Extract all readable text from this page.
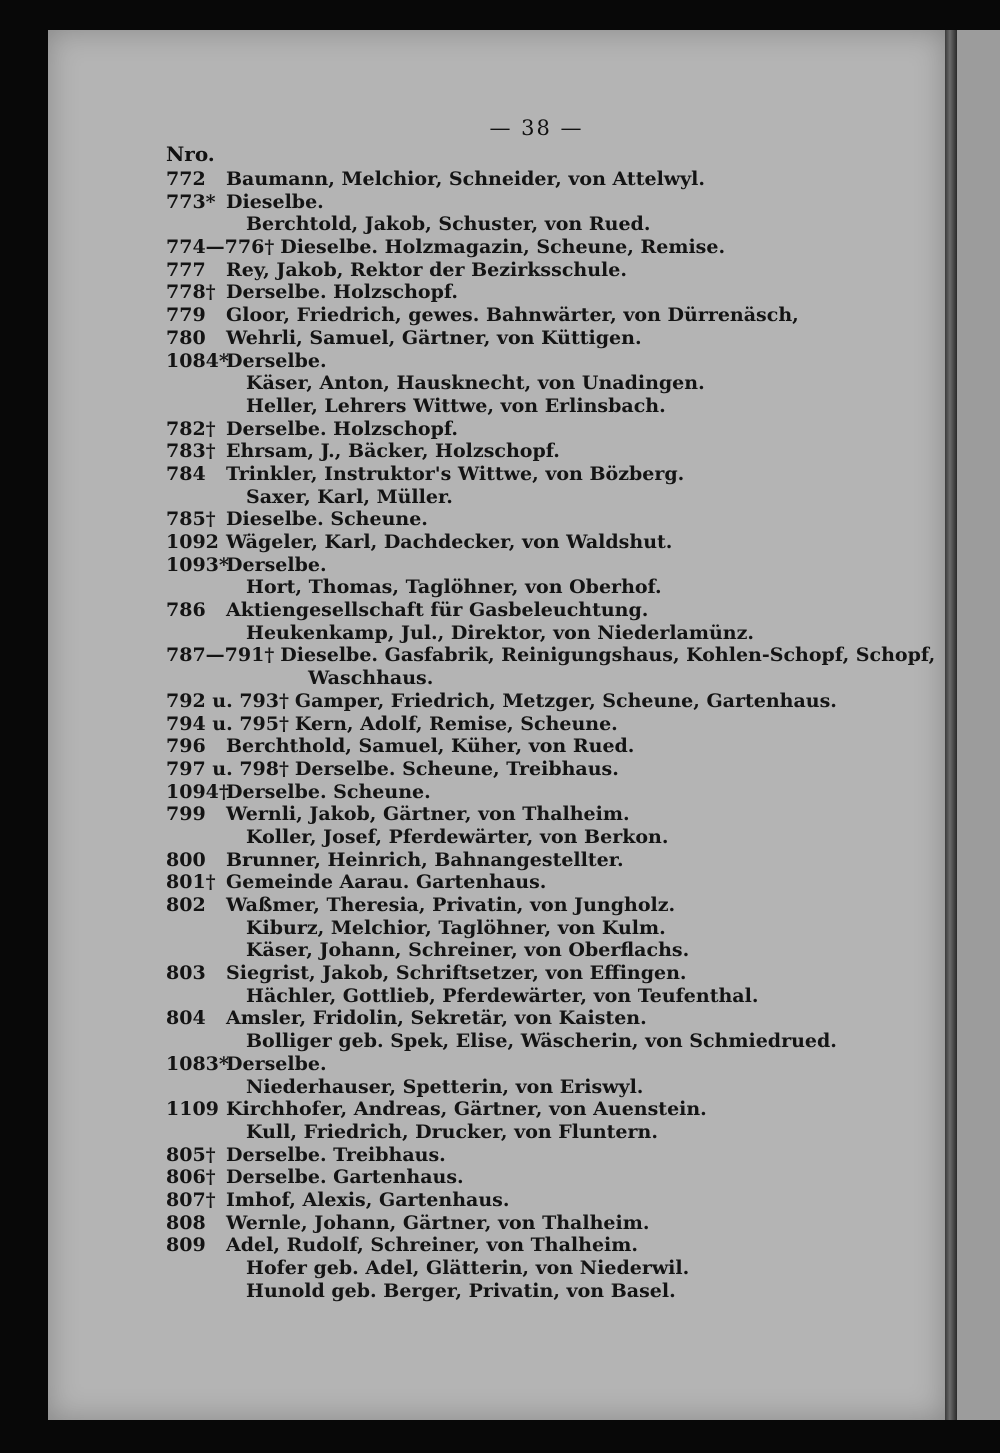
— 38 —
Nro.
772 Baumann, Melchior, Schneider, von Attelwyl.
773* Dieselbe.
Berchtold, Jakob, Schuster, von Rued.
774—776† Dieselbe. Holzmagazin, Scheune, Remise.
777 Rey, Jakob, Rektor der Bezirksschule.
778† Derselbe. Holzschopf.
779 Gloor, Friedrich, gewes. Bahnwärter, von Dürrenäsch,
780 Wehrli, Samuel, Gärtner, von Küttigen.
1084*
Derselbe.
Käser, Anton, Hausknecht, von Unadingen.
Heller, Lehrers Wittwe, von Erlinsbach.
782† Derselbe. Holzschopf.
783† Ehrsam, J., Bäcker, Holzschopf.
784 Trinkler, Instruktor's Wittwe, von Bözberg.
Saxer, Karl, Müller.
785† Dieselbe. Scheune.
1092 Wägeler, Karl, Dachdecker, von Waldshut.
1093*
Derselbe.
Hort, Thomas, Taglöhner, von Oberhof.
786 Aktiengesellschaft für Gasbeleuchtung.
Heukenkamp, Jul., Direktor, von Niederlamünz.
787—791† Dieselbe. Gasfabrik, Reinigungshaus, Kohlen-Schopf, Schopf,
Waschhaus.
792 u. 793† Gamper, Friedrich, Metzger, Scheune, Gartenhaus.
794 u. 795† Kern, Adolf, Remise, Scheune.
796 Berchthold, Samuel, Küher, von Rued.
797 u. 798† Derselbe. Scheune, Treibhaus.
1094†
Derselbe. Scheune.
799 Wernli, Jakob, Gärtner, von Thalheim.
Koller, Josef, Pferdewärter, von Berkon.
800 Brunner, Heinrich, Bahnangestellter.
801† Gemeinde Aarau. Gartenhaus.
802 Waßmer, Theresia, Privatin, von Jungholz.
Kiburz, Melchior, Taglöhner, von Kulm.
Käser, Johann, Schreiner, von Oberflachs.
803 Siegrist, Jakob, Schriftsetzer, von Effingen.
Hächler, Gottlieb, Pferdewärter, von Teufenthal.
804 Amsler, Fridolin, Sekretär, von Kaisten.
Bolliger geb. Spek, Elise, Wäscherin, von Schmiedrued.
1083*
Derselbe.
Niederhauser, Spetterin, von Eriswyl.
1109 Kirchhofer, Andreas, Gärtner, von Auenstein.
Kull, Friedrich, Drucker, von Fluntern.
805† Derselbe. Treibhaus.
806† Derselbe. Gartenhaus.
807† Imhof, Alexis, Gartenhaus.
808 Wernle, Johann, Gärtner, von Thalheim.
809 Adel, Rudolf, Schreiner, von Thalheim.
Hofer geb. Adel, Glätterin, von Niederwil.
Hunold geb. Berger, Privatin, von Basel.
